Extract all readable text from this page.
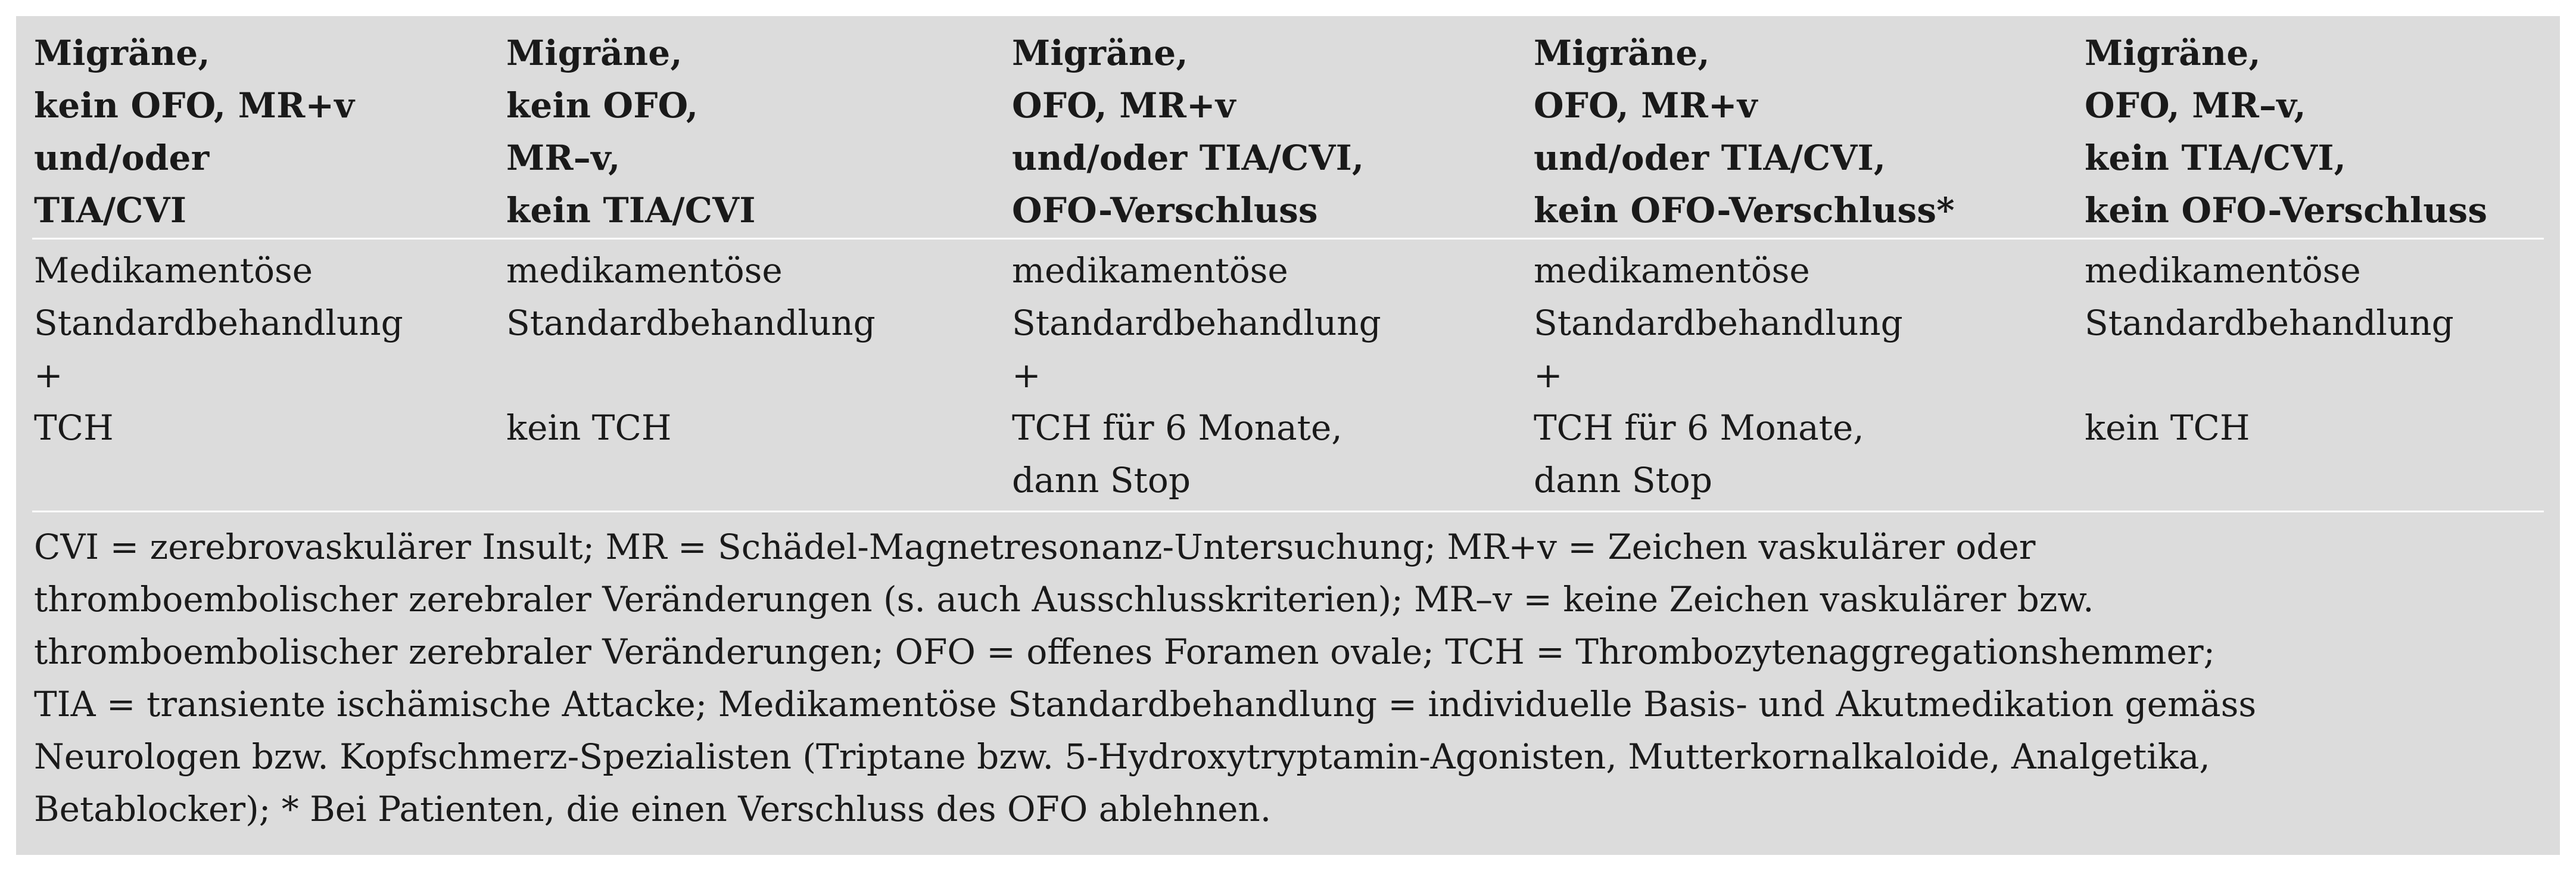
Migräne,
kein OFO, MR+v
und/oder
TIA/CVI
Medikamentöse
Standardbehandlung
+
TCH
Migräne,
kein OFO,
MR–v,
kein TIA/CVI
medikamentöse
Standardbehandlung

kein TCH
Migräne,
OFO, MR+v
und/oder TIA/CVI,
OFO-Verschluss
medikamentöse
Standardbehandlung
+
TCH für 6 Monate,
dann Stop
Migräne,
OFO, MR+v
und/oder TIA/CVI,
kein OFO-Verschluss*
medikamentöse
Standardbehandlung
+
TCH für 6 Monate,
dann Stop
Migräne,
OFO, MR–v,
kein TIA/CVI,
kein OFO-Verschluss
medikamentöse
Standardbehandlung

kein TCH
CVI = zerebrovaskulärer Insult; MR = Schädel-Magnetresonanz-Untersuchung; MR+v = Zeichen vaskulärer oder
thromboembolischer zerebraler Veränderungen (s. auch Ausschlusskriterien); MR–v = keine Zeichen vaskulärer bzw.
thromboembolischer zerebraler Veränderungen; OFO = offenes Foramen ovale; TCH = Thrombozytenaggregationshemmer;
TIA = transiente ischämische Attacke; Medikamentöse Standardbehandlung = individuelle Basis- und Akutmedikation gemäss
Neurologen bzw. Kopfschmerz-Spezialisten (Triptane bzw. 5-Hydroxytryptamin-Agonisten, Mutterkornalkaloide, Analgetika,
Betablocker); * Bei Patienten, die einen Verschluss des OFO ablehnen.
